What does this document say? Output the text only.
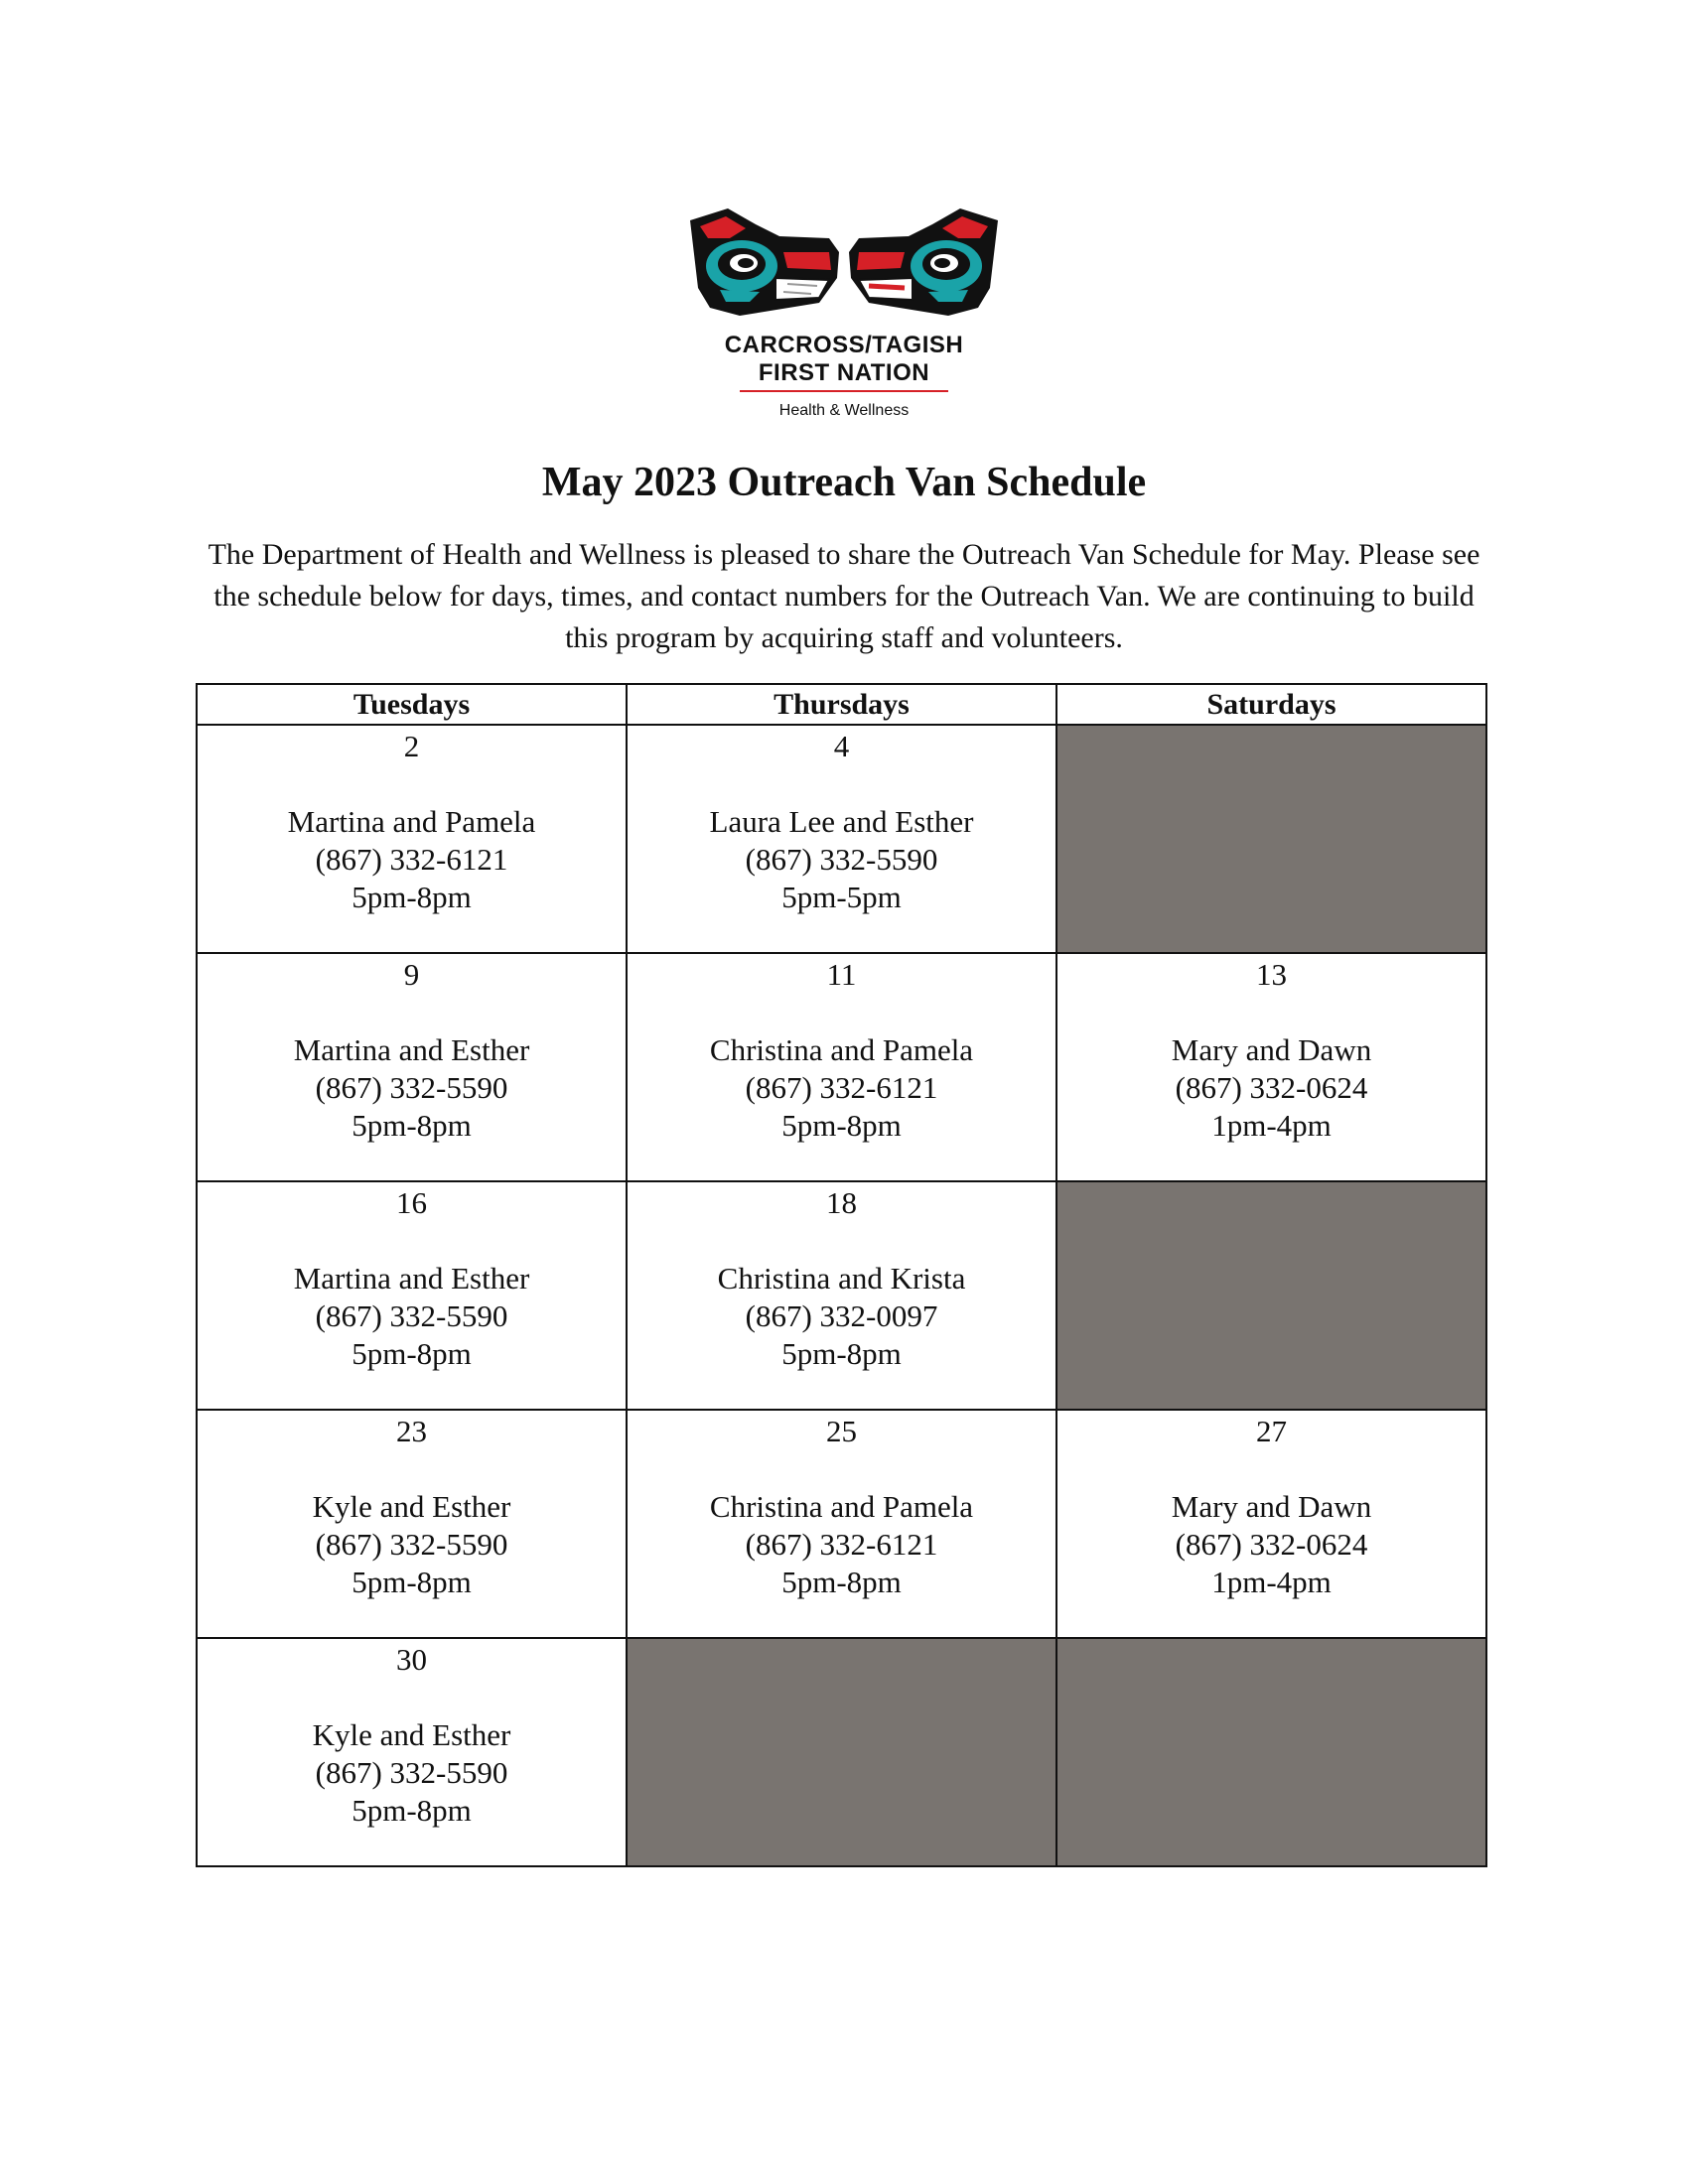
CARCROSS/TAGISH
FIRST NATION
Health & Wellness
May 2023 Outreach Van Schedule
The Department of Health and Wellness is pleased to share the Outreach Van Schedule for May. Please see the schedule below for days, times, and contact numbers for the Outreach Van. We are continuing to build this program by acquiring staff and volunteers.
Tuesdays	Thursdays	Saturdays

2
Martina and Pamela
(867) 332-6121
5pm-8pm	4
Laura Lee and Esther
(867) 332-5590
5pm-5pm	

9
Martina and Esther
(867) 332-5590
5pm-8pm	11
Christina and Pamela
(867) 332-6121
5pm-8pm	13
Mary and Dawn
(867) 332-0624
1pm-4pm

16
Martina and Esther
(867) 332-5590
5pm-8pm	18
Christina and Krista
(867) 332-0097
5pm-8pm	

23
Kyle and Esther
(867) 332-5590
5pm-8pm	25
Christina and Pamela
(867) 332-6121
5pm-8pm	27
Mary and Dawn
(867) 332-0624
1pm-4pm

30
Kyle and Esther
(867) 332-5590
5pm-8pm		
